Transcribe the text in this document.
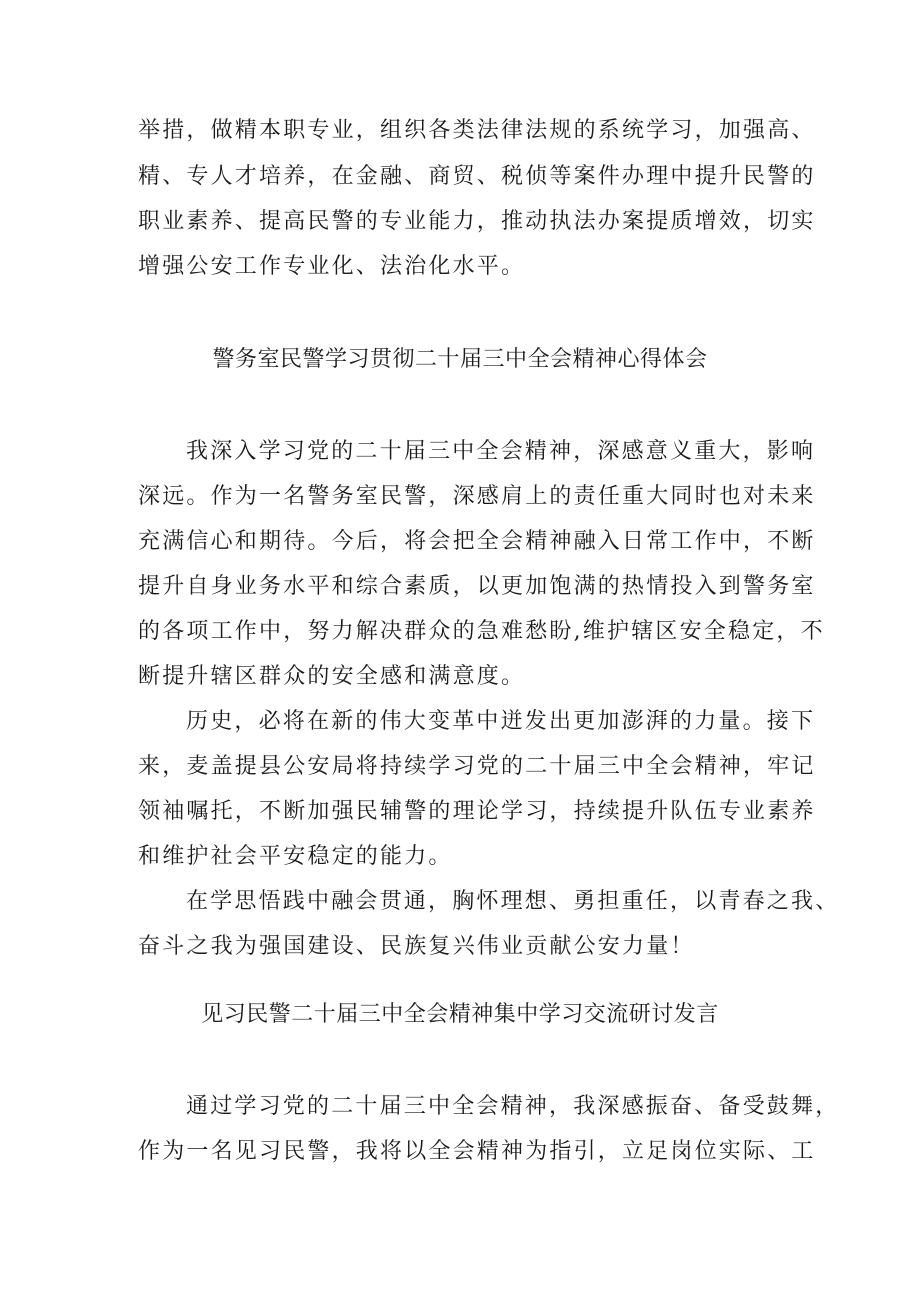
举措，做精本职专业，组织各类法律法规的系统学习，加强高、
精、专人才培养，在金融、商贸、税侦等案件办理中提升民警的
职业素养、提高民警的专业能力，推动执法办案提质增效，切实
增强公安工作专业化、法治化水平。
警务室民警学习贯彻二十届三中全会精神心得体会
我深入学习党的二十届三中全会精神，深感意义重大，影响
深远。作为一名警务室民警，深感肩上的责任重大同时也对未来
充满信心和期待。今后，将会把全会精神融入日常工作中，不断
提升自身业务水平和综合素质，以更加饱满的热情投入到警务室
的各项工作中，努力解决群众的急难愁盼,维护辖区安全稳定，不
断提升辖区群众的安全感和满意度。
历史，必将在新的伟大变革中迸发出更加澎湃的力量。接下
来，麦盖提县公安局将持续学习党的二十届三中全会精神，牢记
领袖嘱托，不断加强民辅警的理论学习，持续提升队伍专业素养
和维护社会平安稳定的能力。
在学思悟践中融会贯通，胸怀理想、勇担重任，以青春之我、
奋斗之我为强国建设、民族复兴伟业贡献公安力量！
见习民警二十届三中全会精神集中学习交流研讨发言
通过学习党的二十届三中全会精神，我深感振奋、备受鼓舞，
作为一名见习民警，我将以全会精神为指引，立足岗位实际、工
